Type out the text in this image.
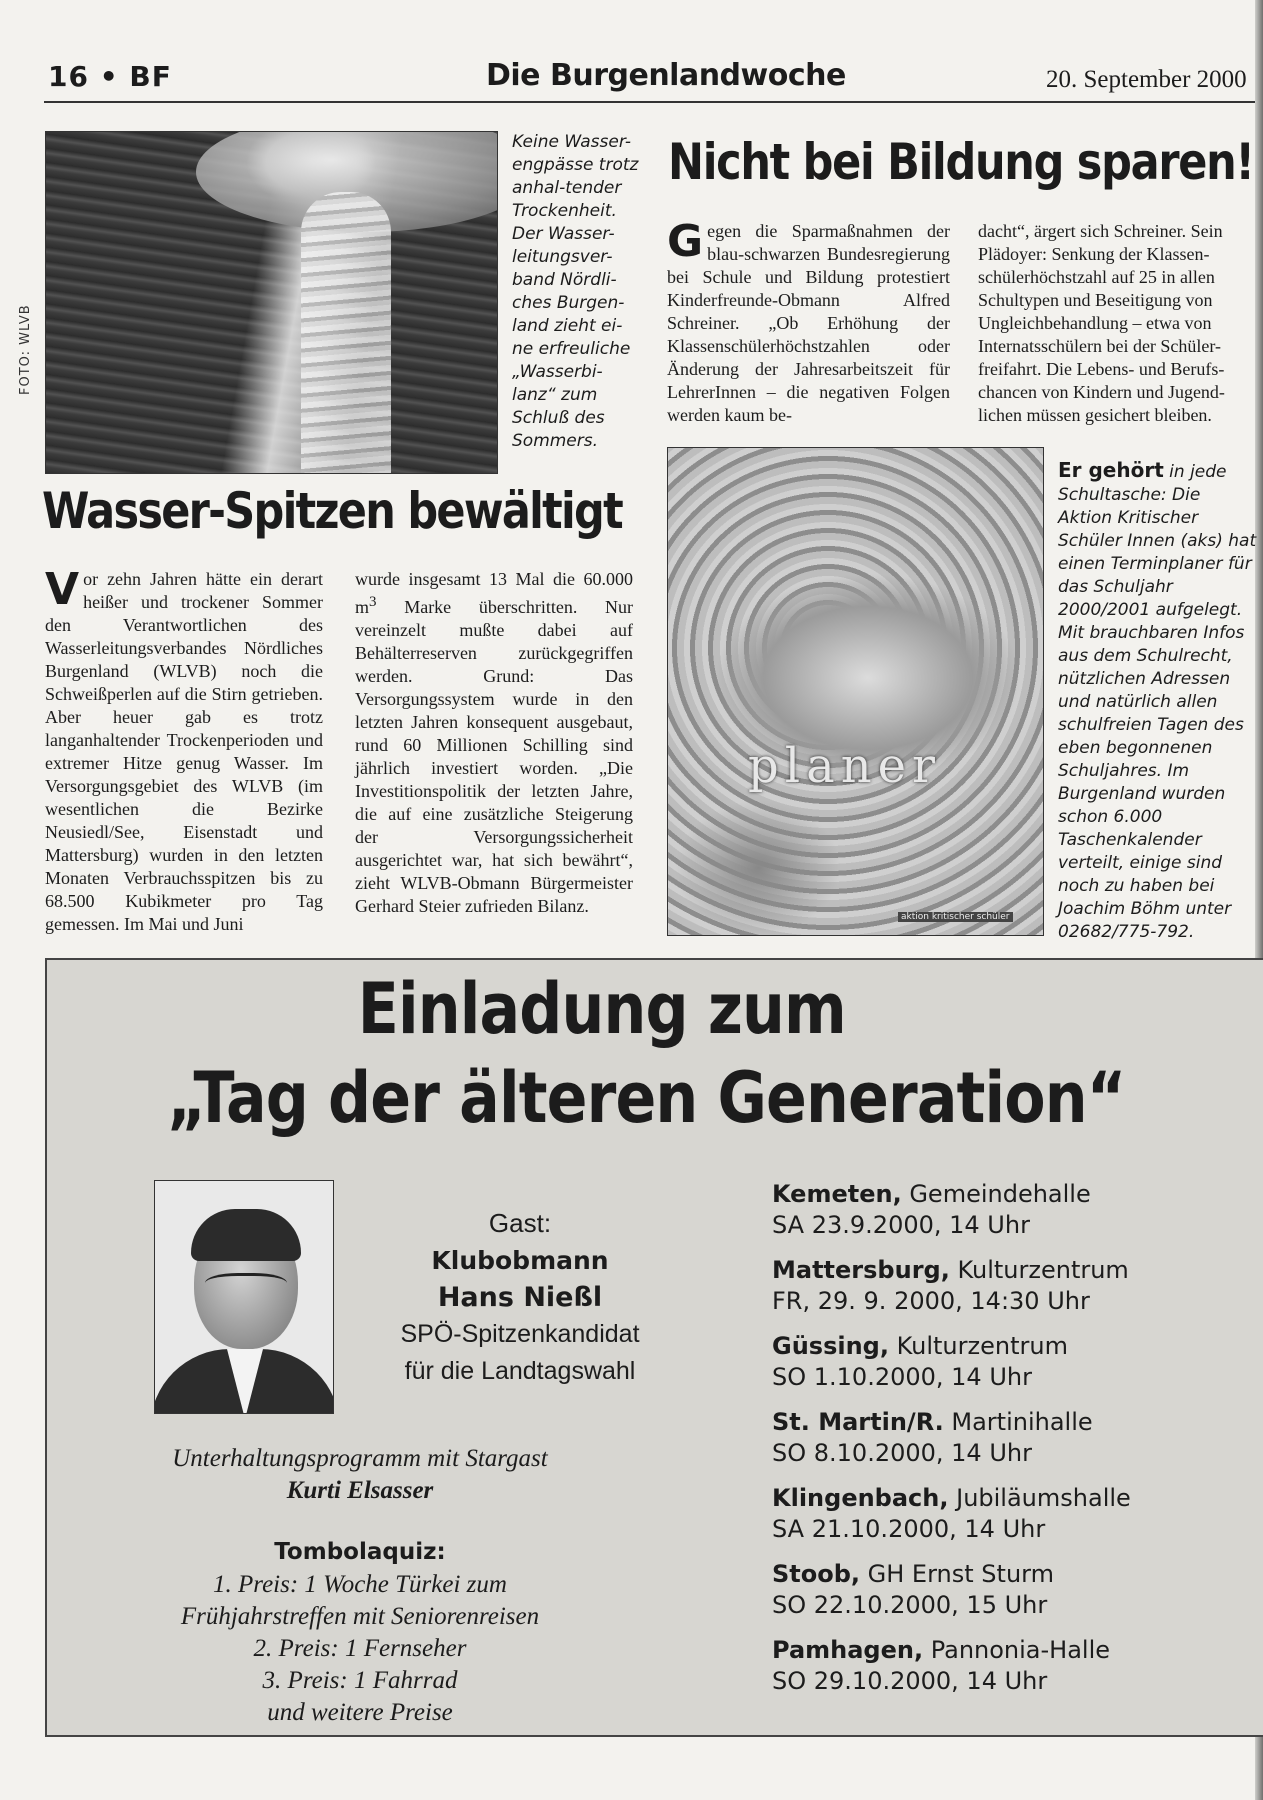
16 • BF	Die Burgenlandwoche	20. September 2000
FOTO: WLVB
Keine Wasser-engpässe trotz anhal-tender Trockenheit. Der Wasser-leitungsver-band Nördli-ches Burgen-land zieht ei-ne erfreuliche „Wasserbi-lanz“ zum Schluß des Sommers.
Wasser-Spitzen bewältigt
Vor zehn Jahren hätte ein derart heißer und trockener Sommer den Verantwortlichen des Wasserleitungsverbandes Nördliches Burgenland (WLVB) noch die Schweißperlen auf die Stirn getrieben. Aber heuer gab es trotz langanhaltender Trockenperioden und extremer Hitze genug Wasser. Im Versorgungsgebiet des WLVB (im wesentlichen die Bezirke Neusiedl/See, Eisenstadt und Mattersburg) wurden in den letzten Monaten Verbrauchsspitzen bis zu 68.500 Kubikmeter pro Tag gemessen. Im Mai und Juni
wurde insgesamt 13 Mal die 60.000 $m^3$ Marke überschritten. Nur vereinzelt mußte dabei auf Behälterreserven zurückgegriffen werden. Grund: Das Versorgungssystem wurde in den letzten Jahren konsequent ausgebaut, rund 60 Millionen Schilling sind jährlich investiert worden. „Die Investitionspolitik der letzten Jahre, die auf eine zusätzliche Steigerung der Versorgungssicherheit ausgerichtet war, hat sich bewährt“, zieht WLVB-Obmann Bürgermeister Gerhard Steier zufrieden Bilanz.
Nicht bei Bildung sparen!
Gegen die Sparmaßnahmen der blau-schwarzen Bundesregierung bei Schule und Bildung protestiert Kinderfreunde-Obmann Alfred Schreiner. „Ob Erhöhung der Klassenschülerhöchstzahlen oder Änderung der Jahresarbeitszeit für LehrerInnen – die negativen Folgen werden kaum be-
dacht“, ärgert sich Schreiner. Sein
Plädoyer: Senkung der Klassen-
schülerhöchstzahl auf 25 in allen
Schultypen und Beseitigung von
Ungleichbehandlung – etwa von
Internatsschülern bei der Schüler-
freifahrt. Die Lebens- und Berufs-
chancen von Kindern und Jugend-
lichen müssen gesichert bleiben.
planer
aktion kritischer schüler
Er gehört in jede Schultasche: Die Aktion Kritischer Schüler Innen (aks) hat einen Terminplaner für das Schuljahr 2000/2001 aufgelegt. Mit brauchbaren Infos aus dem Schulrecht, nützlichen Adressen und natürlich allen schulfreien Tagen des eben begonnenen Schuljahres. Im Burgenland wurden schon 6.000 Taschenkalender verteilt, einige sind noch zu haben bei Joachim Böhm unter 02682/775-792.
Einladung zum
„Tag der älteren Generation“
Gast:
Klubobmann
Hans Nießl
SPÖ-Spitzenkandidat
für die Landtagswahl
Unterhaltungsprogramm mit Stargast
Kurti Elsasser
Tombolaquiz:
1. Preis: 1 Woche Türkei zum
Frühjahrstreffen mit Seniorenreisen
2. Preis: 1 Fernseher
3. Preis: 1 Fahrrad
und weitere Preise
Kemeten, Gemeindehalle
SA 23.9.2000, 14 Uhr
Mattersburg, Kulturzentrum
FR, 29. 9. 2000, 14:30 Uhr
Güssing, Kulturzentrum
SO 1.10.2000, 14 Uhr
St. Martin/R. Martinihalle
SO 8.10.2000, 14 Uhr
Klingenbach, Jubiläumshalle
SA 21.10.2000, 14 Uhr
Stoob, GH Ernst Sturm
SO 22.10.2000, 15 Uhr
Pamhagen, Pannonia-Halle
SO 29.10.2000, 14 Uhr
